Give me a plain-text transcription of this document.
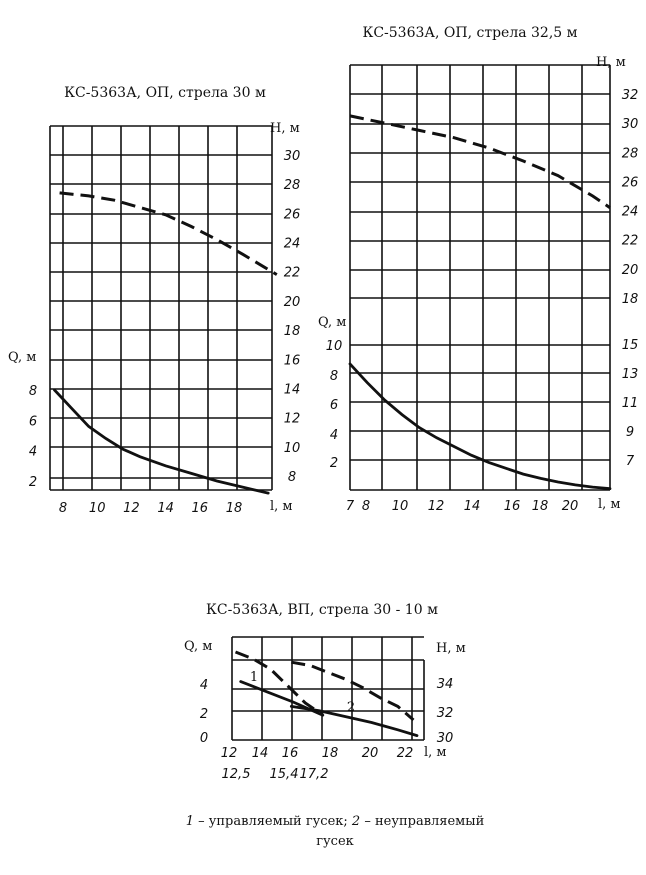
КС-5363А, ОП, стрела 30 м
30
28
26
24
22
20
18
16
14
12
10
8
8
6
4
2
8 10 12 14 16 18
Q, м
H, м
l, м
КС-5363А, ОП, стрела 32,5 м
32
30
28
26
24
22
20
18
15
13
11
9
7
10
8
6
4
2
7 8 10 12 14 16 18 20
Q, м
H, м
l, м
КС-5363А, ВП, стрела 30 - 10 м
34
32
30
4
2
0
12 14 16 18 20 22
12,5 15,4 17,2
Q, м	H, м
l, м
1
2
1 – управляемый гусек; 2 – неуправляемый
гусек
